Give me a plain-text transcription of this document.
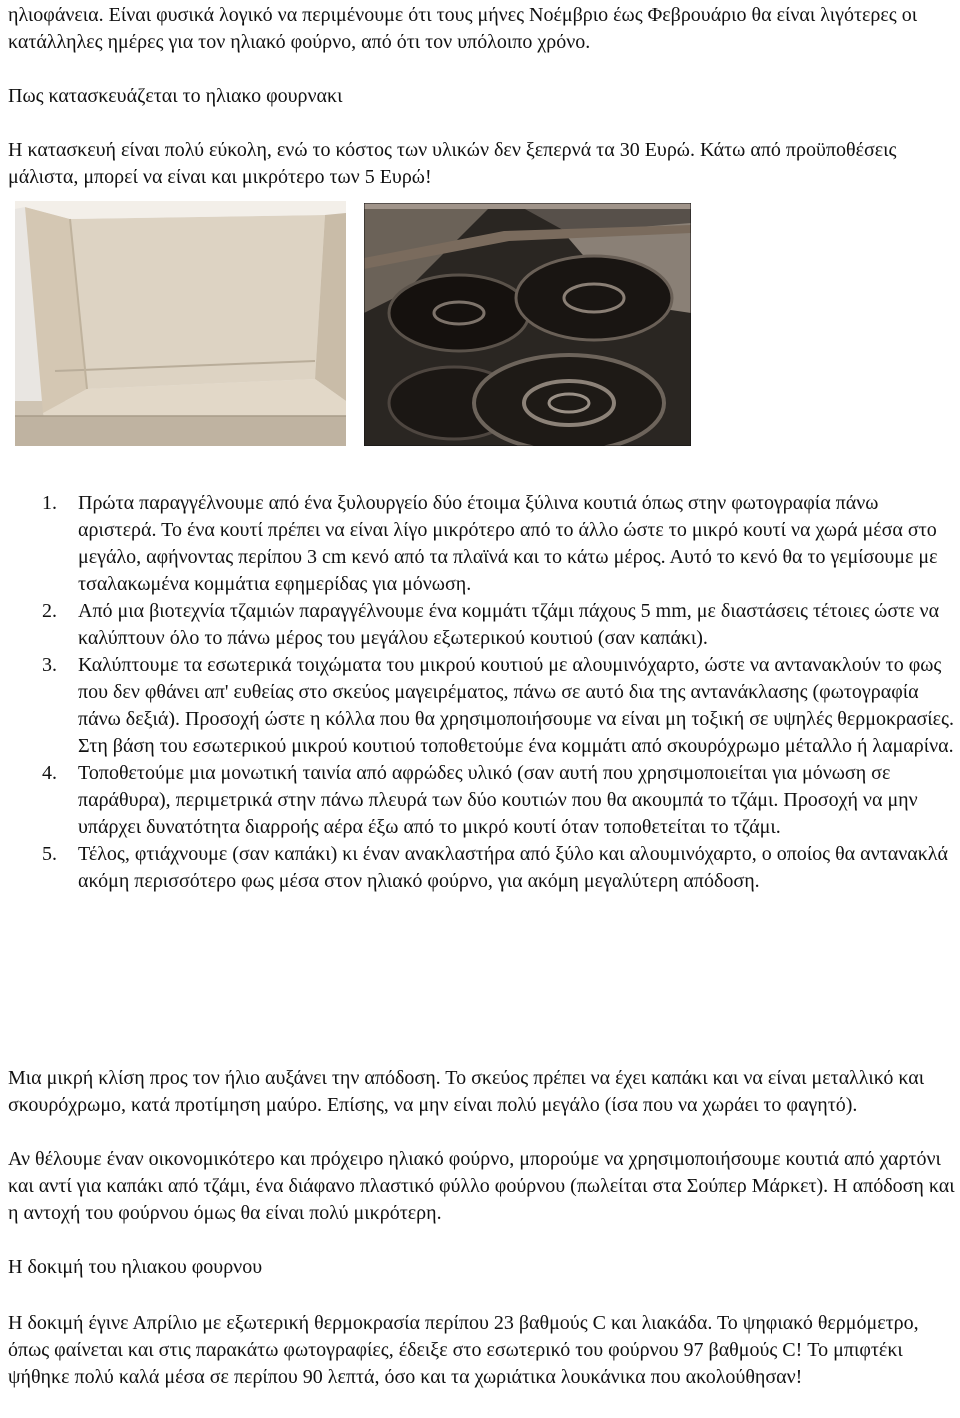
ηλιοφάνεια. Είναι φυσικά λογικό να περιμένουμε ότι τους μήνες Νοέμβριο έως Φεβρουάριο θα είναι λιγότερες οι κατάλληλες ημέρες για τον ηλιακό φούρνο, από ότι τον υπόλοιπο χρόνο.

Πως κατασκευάζεται το ηλιακο φουρνακι

Η κατασκευή είναι πολύ εύκολη, ενώ το κόστος των υλικών δεν ξεπερνά τα 30 Ευρώ. Κάτω από προϋποθέσεις μάλιστα, μπορεί να είναι και μικρότερο των 5 Ευρώ!

1. Πρώτα παραγγέλνουμε από ένα ξυλουργείο δύο έτοιμα ξύλινα κουτιά όπως στην φωτογραφία πάνω αριστερά. Το ένα κουτί πρέπει να είναι λίγο μικρότερο από το άλλο ώστε το μικρό κουτί να χωρά μέσα στο μεγάλο, αφήνοντας περίπου 3 cm κενό από τα πλαϊνά και το κάτω μέρος. Αυτό το κενό θα το γεμίσουμε με τσαλακωμένα κομμάτια εφημερίδας για μόνωση.
2. Από μια βιοτεχνία τζαμιών παραγγέλνουμε ένα κομμάτι τζάμι πάχους 5 mm, με διαστάσεις τέτοιες ώστε να καλύπτουν όλο το πάνω μέρος του μεγάλου εξωτερικού κουτιού (σαν καπάκι).
3. Καλύπτουμε τα εσωτερικά τοιχώματα του μικρού κουτιού με αλουμινόχαρτο, ώστε να αντανακλούν το φως που δεν φθάνει απ' ευθείας στο σκεύος μαγειρέματος, πάνω σε αυτό δια της αντανάκλασης (φωτογραφία πάνω δεξιά). Προσοχή ώστε η κόλλα που θα χρησιμοποιήσουμε να είναι μη τοξική σε υψηλές θερμοκρασίες. Στη βάση του εσωτερικού μικρού κουτιού τοποθετούμε ένα κομμάτι από σκουρόχρωμο μέταλλο ή λαμαρίνα.
4. Τοποθετούμε μια μονωτική ταινία από αφρώδες υλικό (σαν αυτή που χρησιμοποιείται για μόνωση σε παράθυρα), περιμετρικά στην πάνω πλευρά των δύο κουτιών που θα ακουμπά το τζάμι. Προσοχή να μην υπάρχει δυνατότητα διαρροής αέρα έξω από το μικρό κουτί όταν τοποθετείται το τζάμι.
5. Τέλος, φτιάχνουμε (σαν καπάκι) κι έναν ανακλαστήρα από ξύλο και αλουμινόχαρτο, ο οποίος θα αντανακλά ακόμη περισσότερο φως μέσα στον ηλιακό φούρνο, για ακόμη μεγαλύτερη απόδοση.

Μια μικρή κλίση προς τον ήλιο αυξάνει την απόδοση. Το σκεύος πρέπει να έχει καπάκι και να είναι μεταλλικό και σκουρόχρωμο, κατά προτίμηση μαύρο. Επίσης, να μην είναι πολύ μεγάλο (ίσα που να χωράει το φαγητό).

Αν θέλουμε έναν οικονομικότερο και πρόχειρο ηλιακό φούρνο, μπορούμε να χρησιμοποιήσουμε κουτιά από χαρτόνι και αντί για καπάκι από τζάμι, ένα διάφανο πλαστικό φύλλο φούρνου (πωλείται στα Σούπερ Μάρκετ). Η απόδοση και η αντοχή του φούρνου όμως θα είναι πολύ μικρότερη.

Η δοκιμή του ηλιακου φουρνου

Η δοκιμή έγινε Απρίλιο με εξωτερική θερμοκρασία περίπου 23 βαθμούς C και λιακάδα. Το ψηφιακό θερμόμετρο, όπως φαίνεται και στις παρακάτω φωτογραφίες, έδειξε στο εσωτερικό του φούρνου 97 βαθμούς C! Το μπιφτέκι ψήθηκε πολύ καλά μέσα σε περίπου 90 λεπτά, όσο και τα χωριάτικα λουκάνικα που ακολούθησαν!
